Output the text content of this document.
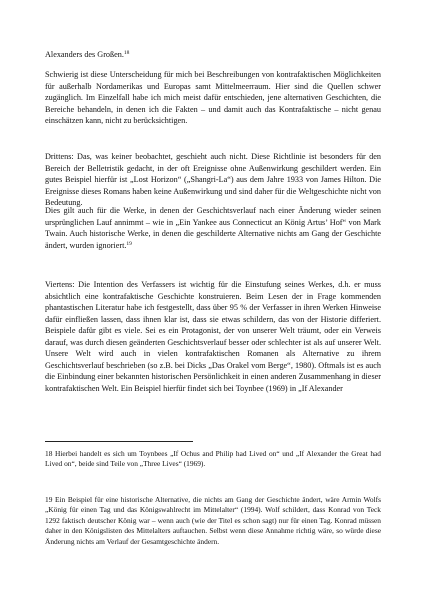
Alexanders des Großen.$^{18}$

Schwierig ist diese Unterscheidung für mich bei Beschreibungen von kontrafaktischen Möglichkeiten für außerhalb Nordamerikas und Europas samt Mittelmeerraum. Hier sind die Quellen schwer zugänglich. Im Einzelfall habe ich mich meist dafür entschieden, jene alternativen Geschichten, die Bereiche behandeln, in denen ich die Fakten – und damit auch das Kontrafaktische – nicht genau einschätzen kann, nicht zu berücksichtigen.

Drittens: Das, was keiner beobachtet, geschieht auch nicht. Diese Richtlinie ist besonders für den Bereich der Belletristik gedacht, in der oft Ereignisse ohne Außenwirkung geschildert werden. Ein gutes Beispiel hierfür ist „Lost Horizon“ („Shangri-La“) aus dem Jahre 1933 von James Hilton. Die Ereignisse dieses Romans haben keine Außenwirkung und sind daher für die Weltgeschichte nicht von Bedeutung.

Dies gilt auch für die Werke, in denen der Geschichtsverlauf nach einer Änderung wieder seinen ursprünglichen Lauf annimmt – wie in „Ein Yankee aus Connecticut an König Artus’ Hof“ von Mark Twain. Auch historische Werke, in denen die geschilderte Alternative nichts am Gang der Geschichte ändert, wurden ignoriert.$^{19}$

Viertens: Die Intention des Verfassers ist wichtig für die Einstufung seines Werkes, d.h. er muss absichtlich eine kontrafaktische Geschichte konstruieren. Beim Lesen der in Frage kommenden phantastischen Literatur habe ich festgestellt, dass über 95 % der Verfasser in ihren Werken Hinweise dafür einfließen lassen, dass ihnen klar ist, dass sie etwas schildern, das von der Historie differiert. Beispiele dafür gibt es viele. Sei es ein Protagonist, der von unserer Welt träumt, oder ein Verweis darauf, was durch diesen geänderten Geschichtsverlauf besser oder schlechter ist als auf unserer Welt. Unsere Welt wird auch in vielen kontrafaktischen Romanen als Alternative zu ihrem Geschichtsverlauf beschrieben (so z.B. bei Dicks „Das Orakel vom Berge“, 1980). Oftmals ist es auch die Einbindung einer bekannten historischen Persönlichkeit in einen anderen Zusammenhang in dieser kontrafaktischen Welt. Ein Beispiel hierfür findet sich bei Toynbee (1969) in „If Alexander

18 Hierbei handelt es sich um Toynbees „If Ochus and Philip had Lived on“ und „If Alexander the Great had Lived on“, beide sind Teile von „Three Lives“ (1969).

19 Ein Beispiel für eine historische Alternative, die nichts am Gang der Geschichte ändert, wäre Armin Wolfs „König für einen Tag und das Königswahlrecht im Mittelalter“ (1994). Wolf schildert, dass Konrad von Teck 1292 faktisch deutscher König war – wenn auch (wie der Titel es schon sagt) nur für einen Tag. Konrad müssen daher in den Königslisten des Mittelalters auftauchen. Selbst wenn diese Annahme richtig wäre, so würde diese Änderung nichts am Verlauf der Gesamtgeschichte ändern.
